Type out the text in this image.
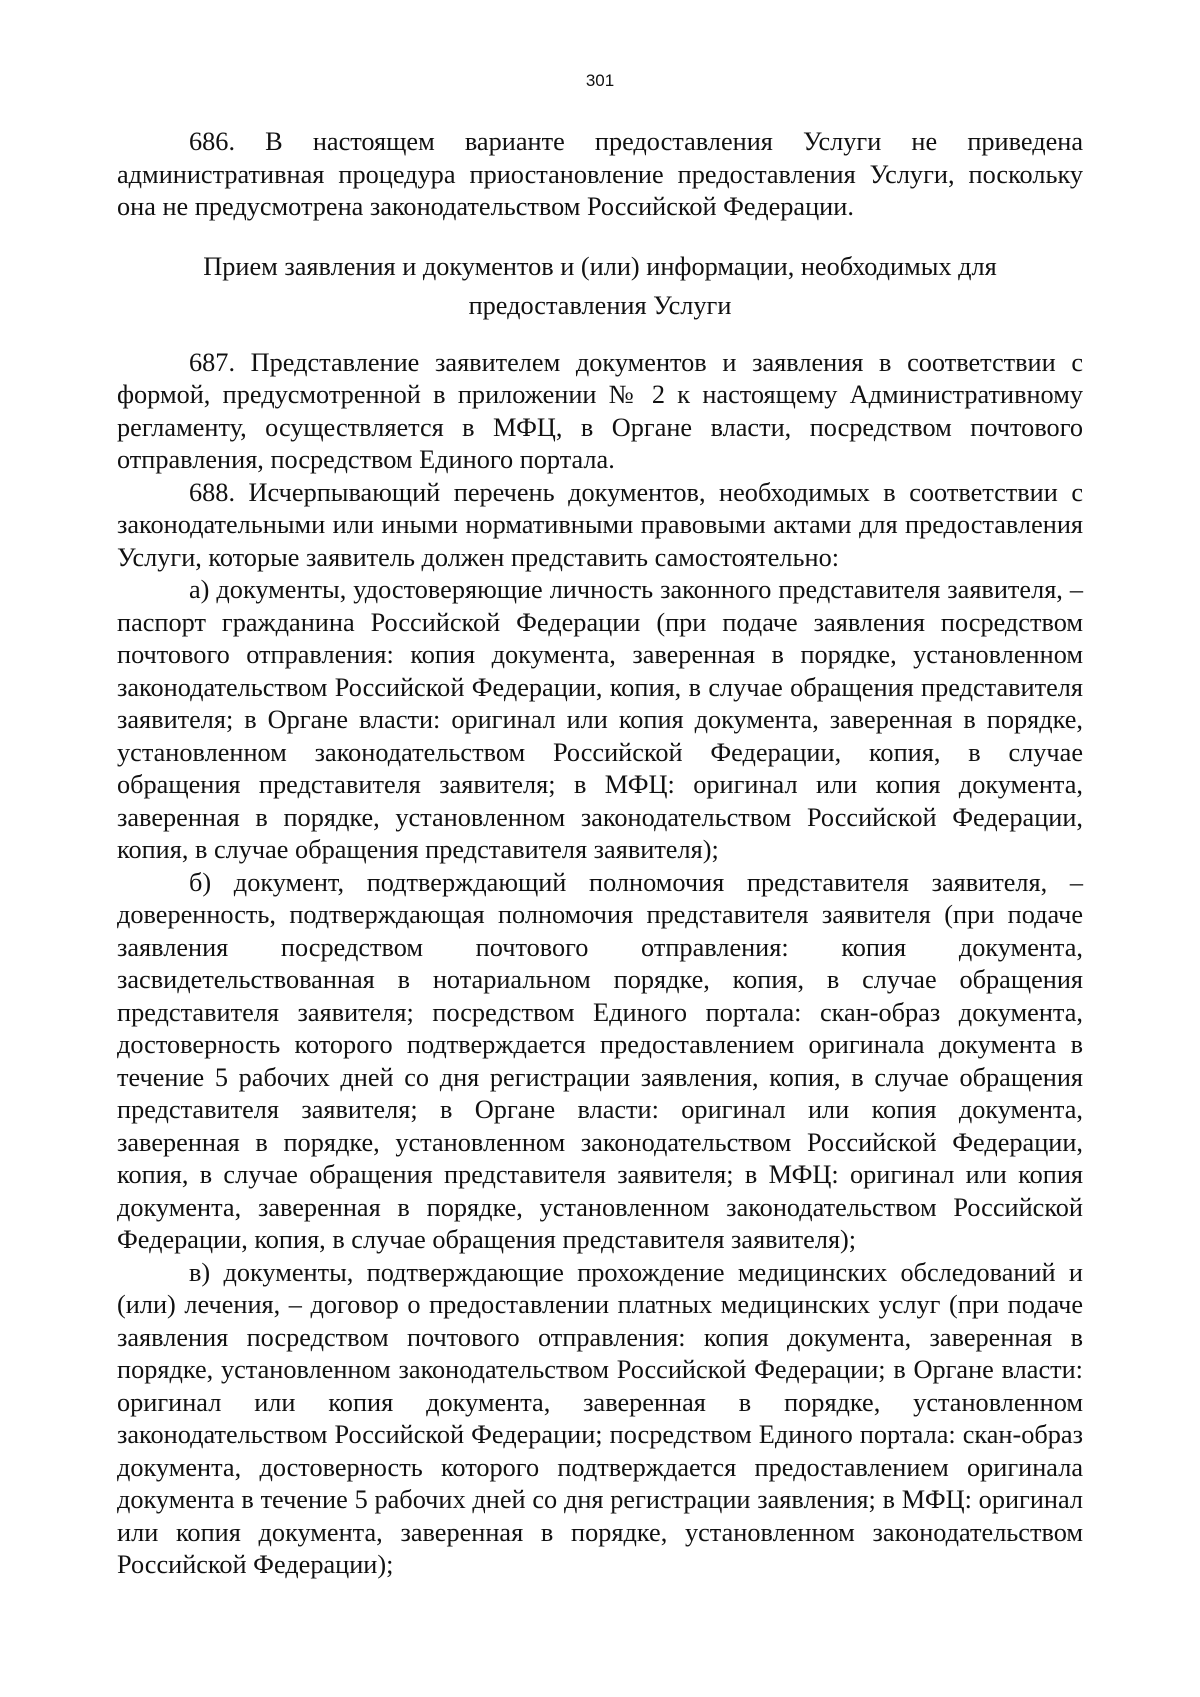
301

686. В настоящем варианте предоставления Услуги не приведена административная процедура приостановление предоставления Услуги, поскольку она не предусмотрена законодательством Российской Федерации.

Прием заявления и документов и (или) информации, необходимых для
предоставления Услуги

687. Представление заявителем документов и заявления в соответствии с формой, предусмотренной в приложении № 2 к настоящему Административному регламенту, осуществляется в МФЦ, в Органе власти, посредством почтового отправления, посредством Единого портала.

688. Исчерпывающий перечень документов, необходимых в соответствии с законодательными или иными нормативными правовыми актами для предоставления Услуги, которые заявитель должен представить самостоятельно:

а) документы, удостоверяющие личность законного представителя заявителя, – паспорт гражданина Российской Федерации (при подаче заявления посредством почтового отправления: копия документа, заверенная в порядке, установленном законодательством Российской Федерации, копия, в случае обращения представителя заявителя; в Органе власти: оригинал или копия документа, заверенная в порядке, установленном законодательством Российской Федерации, копия, в случае обращения представителя заявителя; в МФЦ: оригинал или копия документа, заверенная в порядке, установленном законодательством Российской Федерации, копия, в случае обращения представителя заявителя);

б) документ, подтверждающий полномочия представителя заявителя, – доверенность, подтверждающая полномочия представителя заявителя (при подаче заявления посредством почтового отправления: копия документа, засвидетельствованная в нотариальном порядке, копия, в случае обращения представителя заявителя; посредством Единого портала: скан-образ документа, достоверность которого подтверждается предоставлением оригинала документа в течение 5 рабочих дней со дня регистрации заявления, копия, в случае обращения представителя заявителя; в Органе власти: оригинал или копия документа, заверенная в порядке, установленном законодательством Российской Федерации, копия, в случае обращения представителя заявителя; в МФЦ: оригинал или копия документа, заверенная в порядке, установленном законодательством Российской Федерации, копия, в случае обращения представителя заявителя);

в) документы, подтверждающие прохождение медицинских обследований и (или) лечения, – договор о предоставлении платных медицинских услуг (при подаче заявления посредством почтового отправления: копия документа, заверенная в порядке, установленном законодательством Российской Федерации; в Органе власти: оригинал или копия документа, заверенная в порядке, установленном законодательством Российской Федерации; посредством Единого портала: скан-образ документа, достоверность которого подтверждается предоставлением оригинала документа в течение 5 рабочих дней со дня регистрации заявления; в МФЦ: оригинал или копия документа, заверенная в порядке, установленном законодательством Российской Федерации);
